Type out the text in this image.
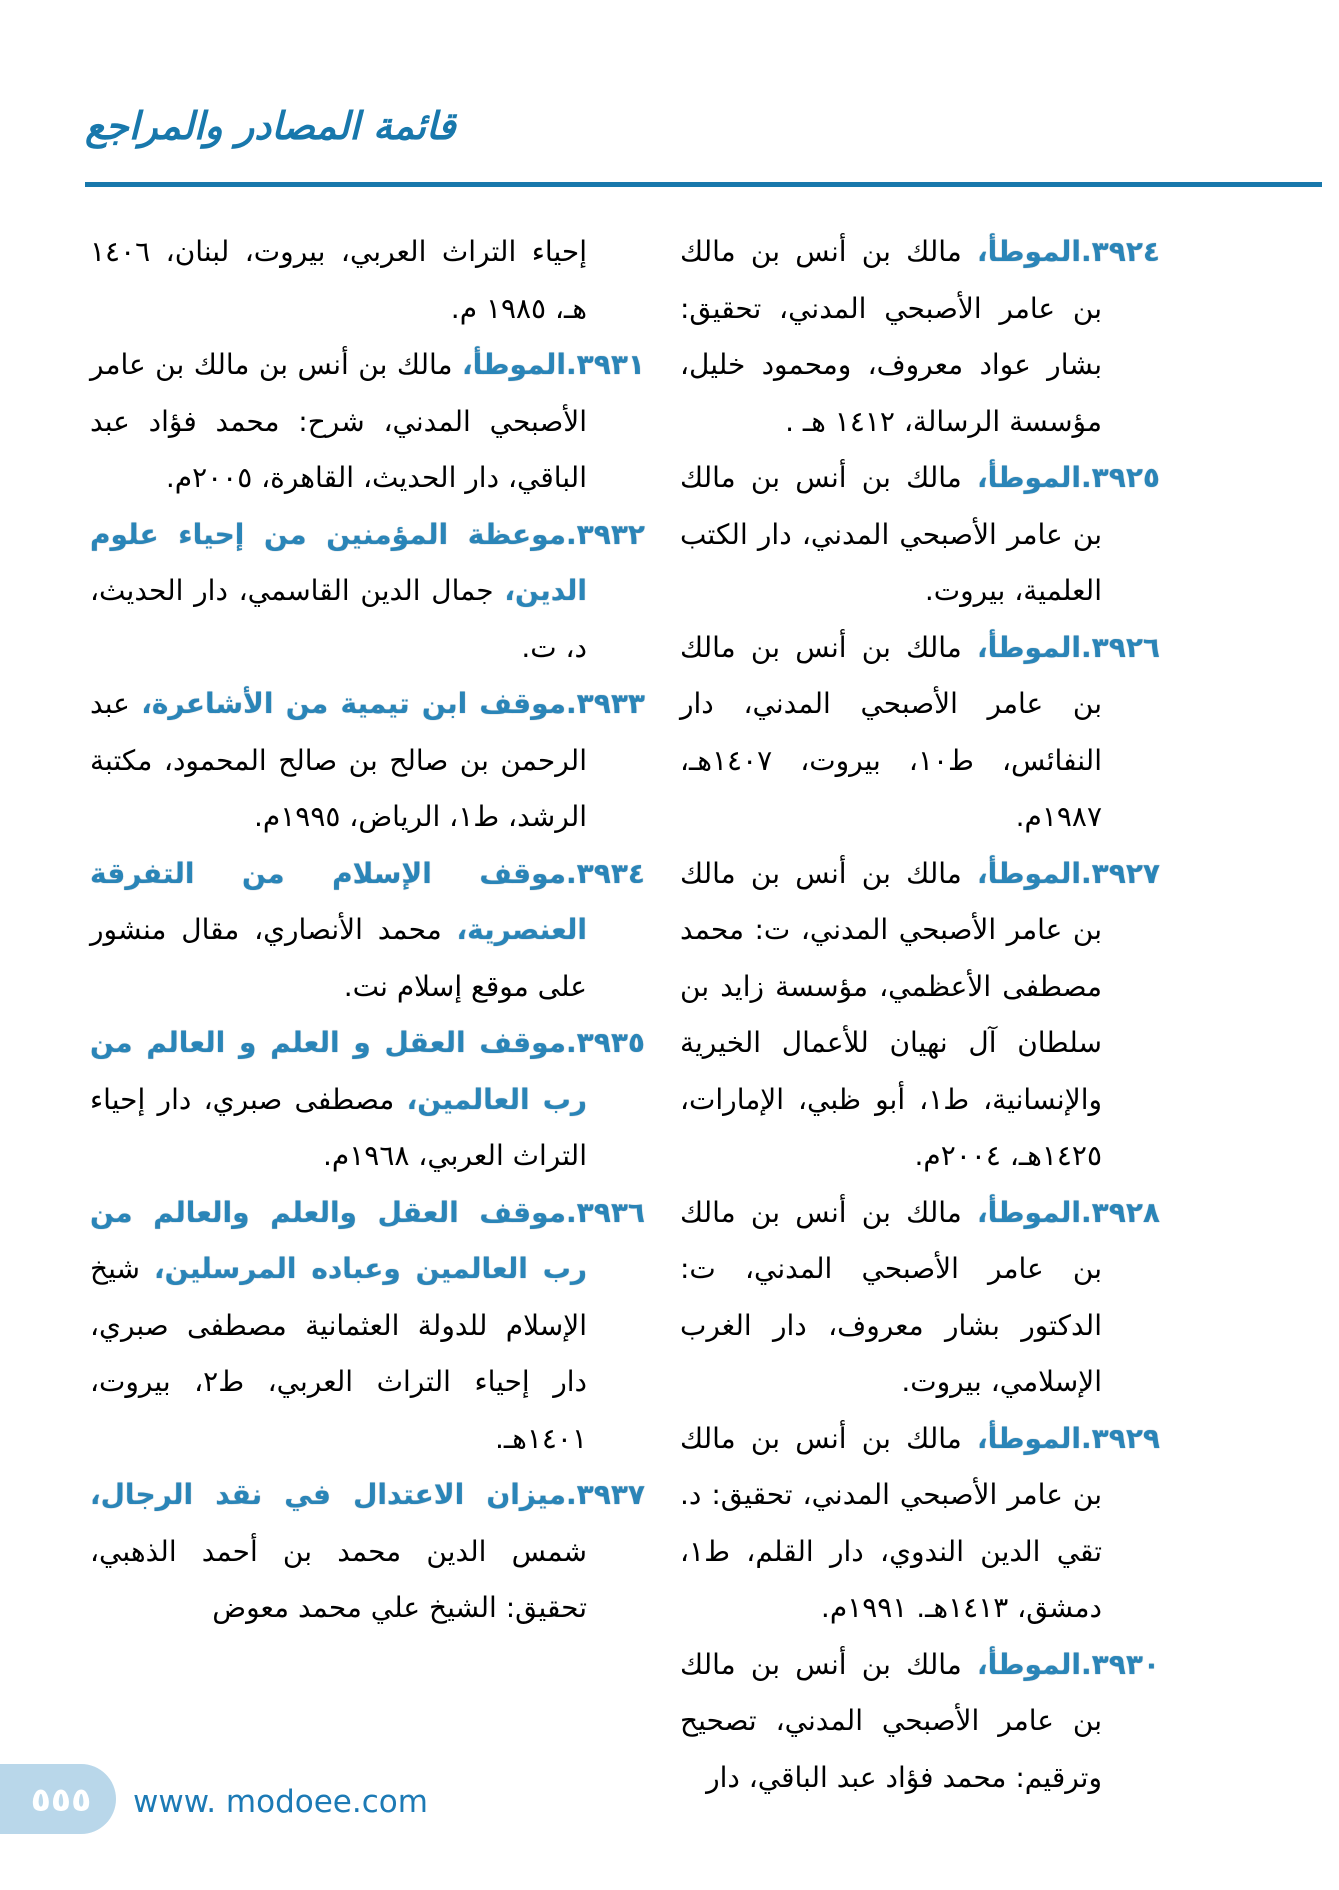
قائمة المصادر والمراجع

٣٩٢٤.الموطأ، مالك بن أنس بن مالك بن عامر الأصبحي المدني، تحقيق: بشار عواد معروف، ومحمود خليل، مؤسسة الرسالة، ١٤١٢ هـ .

٣٩٢٥.الموطأ، مالك بن أنس بن مالك بن عامر الأصبحي المدني، دار الكتب العلمية، بيروت.

٣٩٢٦.الموطأ، مالك بن أنس بن مالك بن عامر الأصبحي المدني، دار النفائس، ط١٠، بيروت، ١٤٠٧هـ، ١٩٨٧م.

٣٩٢٧.الموطأ، مالك بن أنس بن مالك بن عامر الأصبحي المدني، ت: محمد مصطفى الأعظمي، مؤسسة زايد بن سلطان آل نهيان للأعمال الخيرية والإنسانية، ط١، أبو ظبي، الإمارات، ١٤٢٥هـ، ٢٠٠٤م.

٣٩٢٨.الموطأ، مالك بن أنس بن مالك بن عامر الأصبحي المدني، ت: الدكتور بشار معروف، دار الغرب الإسلامي، بيروت.

٣٩٢٩.الموطأ، مالك بن أنس بن مالك بن عامر الأصبحي المدني، تحقيق: د. تقي الدين الندوي، دار القلم، ط١، دمشق، ١٤١٣هـ. ١٩٩١م.

٣٩٣٠.الموطأ، مالك بن أنس بن مالك بن عامر الأصبحي المدني، تصحيح وترقيم: محمد فؤاد عبد الباقي، دار

إحياء التراث العربي، بيروت، لبنان، ١٤٠٦ هـ، ١٩٨٥ م.

٣٩٣١.الموطأ، مالك بن أنس بن مالك بن عامر الأصبحي المدني، شرح: محمد فؤاد عبد الباقي، دار الحديث، القاهرة، ٢٠٠٥م.

٣٩٣٢.موعظة المؤمنين من إحياء علوم الدين، جمال الدين القاسمي، دار الحديث، د، ت.

٣٩٣٣.موقف ابن تيمية من الأشاعرة، عبد الرحمن بن صالح بن صالح المحمود، مكتبة الرشد، ط١، الرياض، ١٩٩٥م.

٣٩٣٤.موقف الإسلام من التفرقة العنصرية، محمد الأنصاري، مقال منشور على موقع إسلام نت.

٣٩٣٥.موقف العقل و العلم و العالم من رب العالمين، مصطفى صبري، دار إحياء التراث العربي، ١٩٦٨م.

٣٩٣٦.موقف العقل والعلم والعالم من رب العالمين وعباده المرسلين، شيخ الإسلام للدولة العثمانية مصطفى صبري، دار إحياء التراث العربي، ط٢، بيروت، ١٤٠١هـ.

٣٩٣٧.ميزان الاعتدال في نقد الرجال، شمس الدين محمد بن أحمد الذهبي، تحقيق: الشيخ علي محمد معوض

٥٥٥ www. modoee.com
